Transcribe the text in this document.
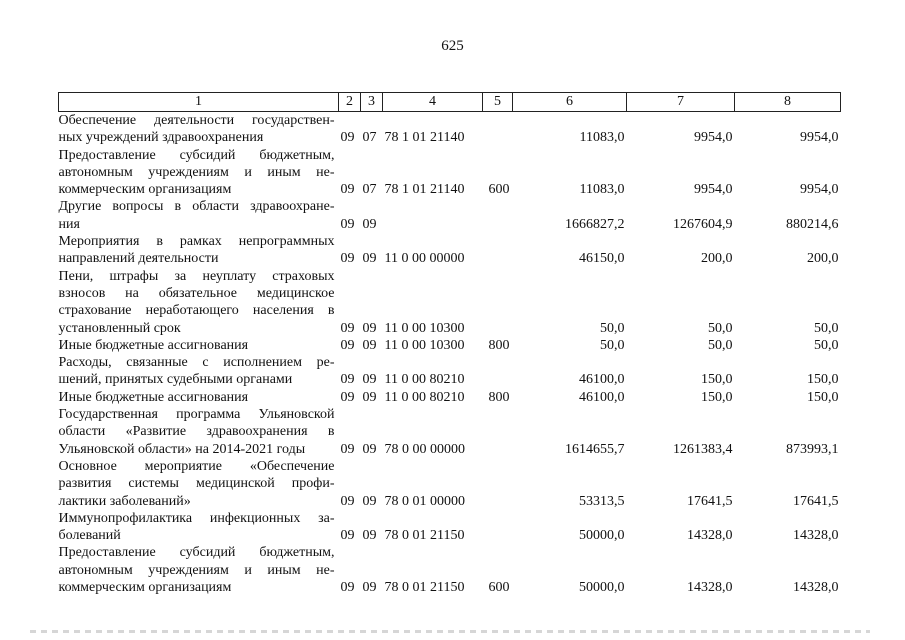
625
1	2	3	4	5	6	7	8

Обеспечение деятельности государствен-
ных учреждений здравоохранения	09	07	78 1 01 21140		11083,0	9954,0	9954,0

Предоставление субсидий бюджетным,
автономным учреждениям и иным не-
коммерческим организациям	09	07	78 1 01 21140	600	11083,0	9954,0	9954,0

Другие вопросы в области здравоохране-
ния	09	09			1666827,2	1267604,9	880214,6

Мероприятия в рамках непрограммных
направлений деятельности	09	09	11 0 00 00000		46150,0	200,0	200,0

Пени, штрафы за неуплату страховых
взносов на обязательное медицинское
страхование неработающего населения в
установленный срок	09	09	11 0 00 10300		50,0	50,0	50,0

Иные бюджетные ассигнования	09	09	11 0 00 10300	800	50,0	50,0	50,0

Расходы, связанные с исполнением ре-
шений, принятых судебными органами	09	09	11 0 00 80210		46100,0	150,0	150,0

Иные бюджетные ассигнования	09	09	11 0 00 80210	800	46100,0	150,0	150,0

Государственная программа Ульяновской
области «Развитие здравоохранения в
Ульяновской области» на 2014-2021 годы	09	09	78 0 00 00000		1614655,7	1261383,4	873993,1

Основное мероприятие «Обеспечение
развития системы медицинской профи-
лактики заболеваний»	09	09	78 0 01 00000		53313,5	17641,5	17641,5

Иммунопрофилактика инфекционных за-
болеваний	09	09	78 0 01 21150		50000,0	14328,0	14328,0

Предоставление субсидий бюджетным,
автономным учреждениям и иным не-
коммерческим организациям	09	09	78 0 01 21150	600	50000,0	14328,0	14328,0
